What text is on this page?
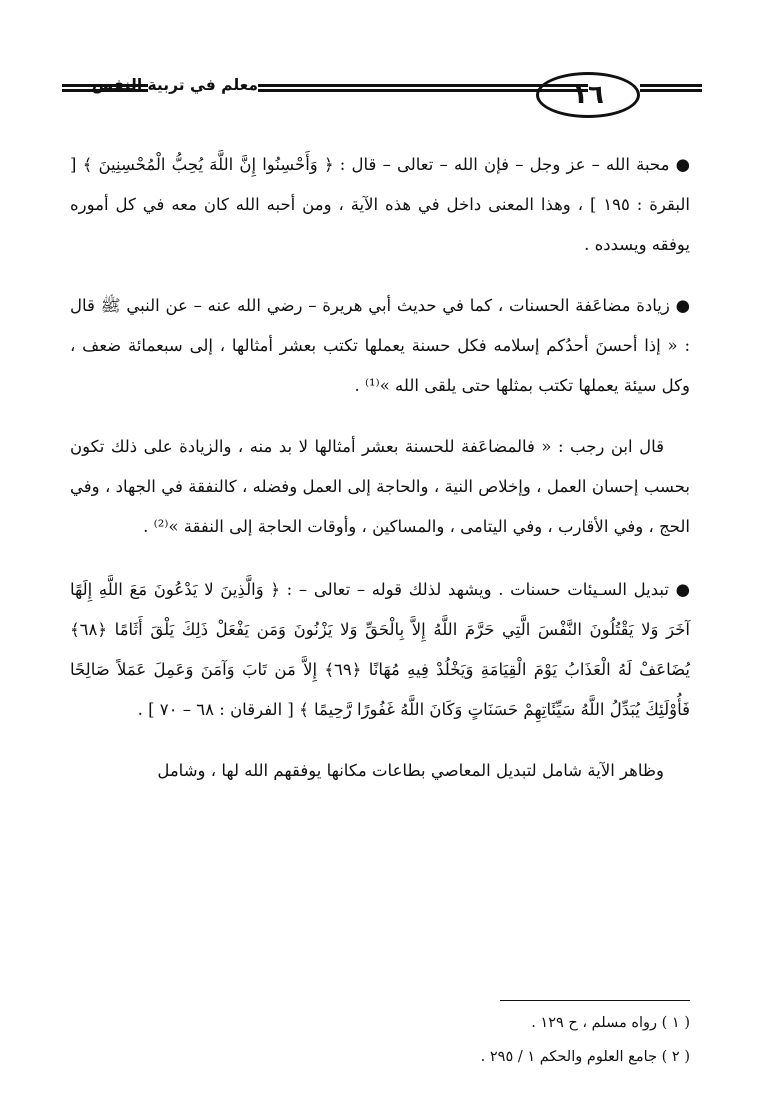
معلم في تربية النفس	١٦

● محبة الله – عز وجل – فإن الله – تعالى – قال : ﴿ وَأَحْسِنُوا إِنَّ اللَّهَ يُحِبُّ الْمُحْسِنِينَ ﴾ [ البقرة : ١٩٥ ] ، وهذا المعنى داخل في هذه الآية ، ومن أحبه الله كان معه في كل أموره يوفقه ويسدده .

● زيادة مضاعَفة الحسنات ، كما في حديث أبي هريرة – رضي الله عنه – عن النبي ﷺ قال : « إذا أحسنَ أحدُكم إسلامه فكل حسنة يعملها تكتب بعشر أمثالها ، إلى سبعمائة ضعف ، وكل سيئة يعملها تكتب بمثلها حتى يلقى الله »⁽¹⁾ .

قال ابن رجب : « فالمضاعَفة للحسنة بعشر أمثالها لا بد منه ، والزيادة على ذلك تكون بحسب إحسان العمل ، وإخلاص النية ، والحاجة إلى العمل وفضله ، كالنفقة في الجهاد ، وفي الحج ، وفي الأقارب ، وفي اليتامى ، والمساكين ، وأوقات الحاجة إلى النفقة »⁽²⁾ .

● تبديل السـيئات حسنات . ويشهد لذلك قوله – تعالى – : ﴿ وَالَّذِينَ لا يَدْعُونَ مَعَ اللَّهِ إِلَهًا آخَرَ وَلا يَقْتُلُونَ النَّفْسَ الَّتِي حَرَّمَ اللَّهُ إِلاَّ بِالْحَقِّ وَلا يَزْنُونَ وَمَن يَفْعَلْ ذَلِكَ يَلْقَ أَثَامًا ﴿٦٨﴾ يُضَاعَفْ لَهُ الْعَذَابُ يَوْمَ الْقِيَامَةِ وَيَخْلُدْ فِيهِ مُهَانًا ﴿٦٩﴾ إِلاَّ مَن تَابَ وَآمَنَ وَعَمِلَ عَمَلاً صَالِحًا فَأُوْلَئِكَ يُبَدِّلُ اللَّهُ سَيِّئَاتِهِمْ حَسَنَاتٍ وَكَانَ اللَّهُ غَفُورًا رَّحِيمًا ﴾ [ الفرقان : ٦٨ – ٧٠ ] .

وظاهر الآية شامل لتبديل المعاصي بطاعات مكانها يوفقهم الله لها ، وشامل

( ١ ) رواه مسلم ، ح ١٢٩ .
( ٢ ) جامع العلوم والحكم ١ / ٢٩٥ .
